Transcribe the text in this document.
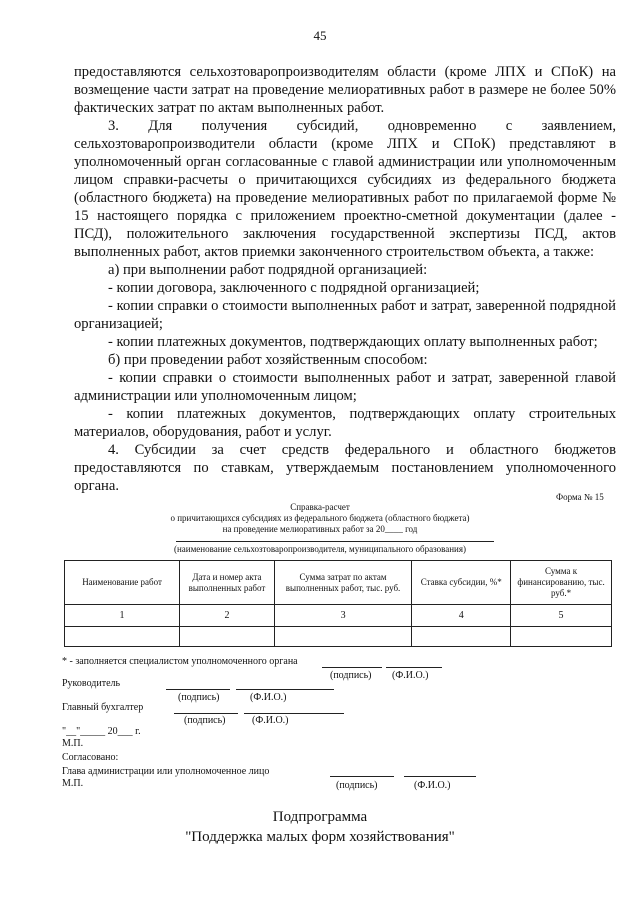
45

предоставляются сельхозтоваропроизводителям области (кроме ЛПХ и СПоК) на возмещение части затрат на проведение мелиоративных работ в размере не более 50% фактических затрат по актам выполненных работ.

3. Для получения субсидий, одновременно с заявлением, сельхозтоваропроизводители области (кроме ЛПХ и СПоК) представляют в уполномоченный орган согласованные с главой администрации или уполномоченным лицом справки-расчеты о причитающихся субсидиях из федерального бюджета (областного бюджета) на проведение мелиоративных работ по прилагаемой форме № 15 настоящего порядка с приложением проектно-сметной документации (далее - ПСД), положительного заключения государственной экспертизы ПСД, актов выполненных работ, актов приемки законченного строительством объекта, а также:

а) при выполнении работ подрядной организацией:

- копии договора, заключенного с подрядной организацией;

- копии справки о стоимости выполненных работ и затрат, заверенной подрядной организацией;

- копии платежных документов, подтверждающих оплату выполненных работ;

б) при проведении работ хозяйственным способом:

- копии справки о стоимости выполненных работ и затрат, заверенной главой администрации или уполномоченным лицом;

- копии платежных документов, подтверждающих оплату строительных материалов, оборудования, работ и услуг.

4. Субсидии за счет средств федерального и областного бюджетов предоставляются по ставкам, утверждаемым постановлением уполномоченного органа.

Форма № 15
Справка-расчет
о причитающихся субсидиях из федерального бюджета (областного бюджета)
на проведение мелиоративных работ за 20____ год
(наименование сельхозтоваропроизводителя, муниципального образования)
Наименование работ	Дата и номер акта выполненных работ	Сумма затрат по актам выполненных работ, тыс. руб.	Ставка субсидии, %*	Сумма к финансированию, тыс. руб.*
1	2	3	4	5

* - заполняется специалистом уполномоченного органа
(подпись) (Ф.И.О.)
Руководитель
(подпись)	(Ф.И.О.)
Главный бухгалтер
(подпись)	(Ф.И.О.)
"__"_____ 20___ г.
М.П.
Согласовано:
Глава администрации или уполномоченное лицо
М.П.	(подпись)	(Ф.И.О.)
Подпрограмма
"Поддержка малых форм хозяйствования"
